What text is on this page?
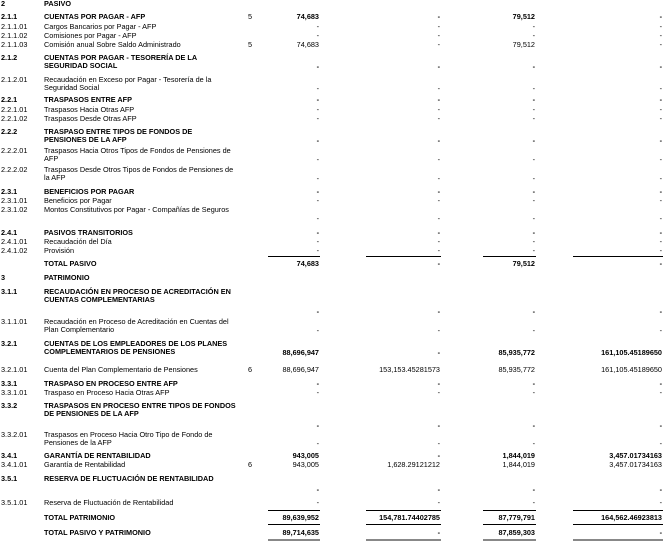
2	PASIVO
2.1.1	CUENTAS POR PAGAR - AFP	5	74,683	-	79,512	-
2.1.1.01 Cargos Bancarios por Pagar - AFP	-	-	-	-
2.1.1.02 Comisiones por Pagar - AFP	-	-	-	-
2.1.1.03 Comisión anual Sobre Saldo Administrado	5	74,683	-	79,512	-
2.1.2	CUENTAS POR PAGAR - TESORERÍA DE LA SEGURIDAD SOCIAL	-	-	-	-
2.1.2.01 Recaudación en Exceso por Pagar - Tesorería de la Seguridad Social	-	-	-	-
2.2.1	TRASPASOS ENTRE AFP	-	-	-	-
2.2.1.01 Traspasos Hacia Otras AFP	-	-	-	-
2.2.1.02 Traspasos Desde Otras AFP	-	-	-	-
2.2.2	TRASPASO ENTRE TIPOS DE FONDOS DE PENSIONES DE LA AFP	-	-	-	-
2.2.2.01 Traspasos Hacia Otros Tipos de Fondos de Pensiones de AFP	-	-	-	-
2.2.2.02 Traspasos Desde Otros Tipos de Fondos de Pensiones de la AFP	-	-	-	-
2.3.1	BENEFICIOS POR PAGAR	-	-	-	-
2.3.1.01 Beneficios por Pagar	-	-	-	-
2.3.1.02 Montos Constitutivos por Pagar - Compañías de Seguros
-	-	-	-
2.4.1	PASIVOS TRANSITORIOS	-	-	-	-
2.4.1.01 Recaudación del Día	-	-	-	-
2.4.1.02 Provisión	-	-	-	-
TOTAL PASIVO	74,683	-	79,512	-
3	PATRIMONIO
3.1.1	RECAUDACIÓN EN PROCESO DE ACREDITACIÓN EN CUENTAS COMPLEMENTARIAS
-	-	-	-
3.1.1.01 Recaudación en Proceso de Acreditación en Cuentas del Plan Complementario	-	-	-	-
3.2.1	CUENTAS DE LOS EMPLEADORES DE LOS PLANES COMPLEMENTARIOS DE PENSIONES	88,696,947	-	85,935,772	161,105.45189650
3.2.1.01 Cuenta del Plan Complementario de Pensiones	6	88,696,947	153,153.45281573	85,935,772	161,105.45189650
3.3.1	TRASPASO EN PROCESO ENTRE AFP	-	-	-	-
3.3.1.01 Traspaso en Proceso Hacia Otras AFP	-	-	-	-
3.3.2	TRASPASOS EN PROCESO ENTRE TIPOS DE FONDOS DE PENSIONES DE LA AFP
-	-	-	-
3.3.2.01 Traspasos en Proceso Hacia Otro Tipo de Fondo de Pensiones de la AFP	-	-	-	-
3.4.1	GARANTÍA DE RENTABILIDAD	943,005	-	1,844,019	3,457.01734163
3.4.1.01 Garantía de Rentabilidad	6	943,005	1,628.29121212	1,844,019	3,457.01734163
3.5.1	RESERVA DE FLUCTUACIÓN DE RENTABILIDAD
-	-	-	-
3.5.1.01 Reserva de Fluctuación de Rentabilidad	-	-	-	-
TOTAL PATRIMONIO	89,639,952	154,781.74402785	87,779,791	164,562.46923813
TOTAL PASIVO Y PATRIMONIO	89,714,635	-	87,859,303	-
